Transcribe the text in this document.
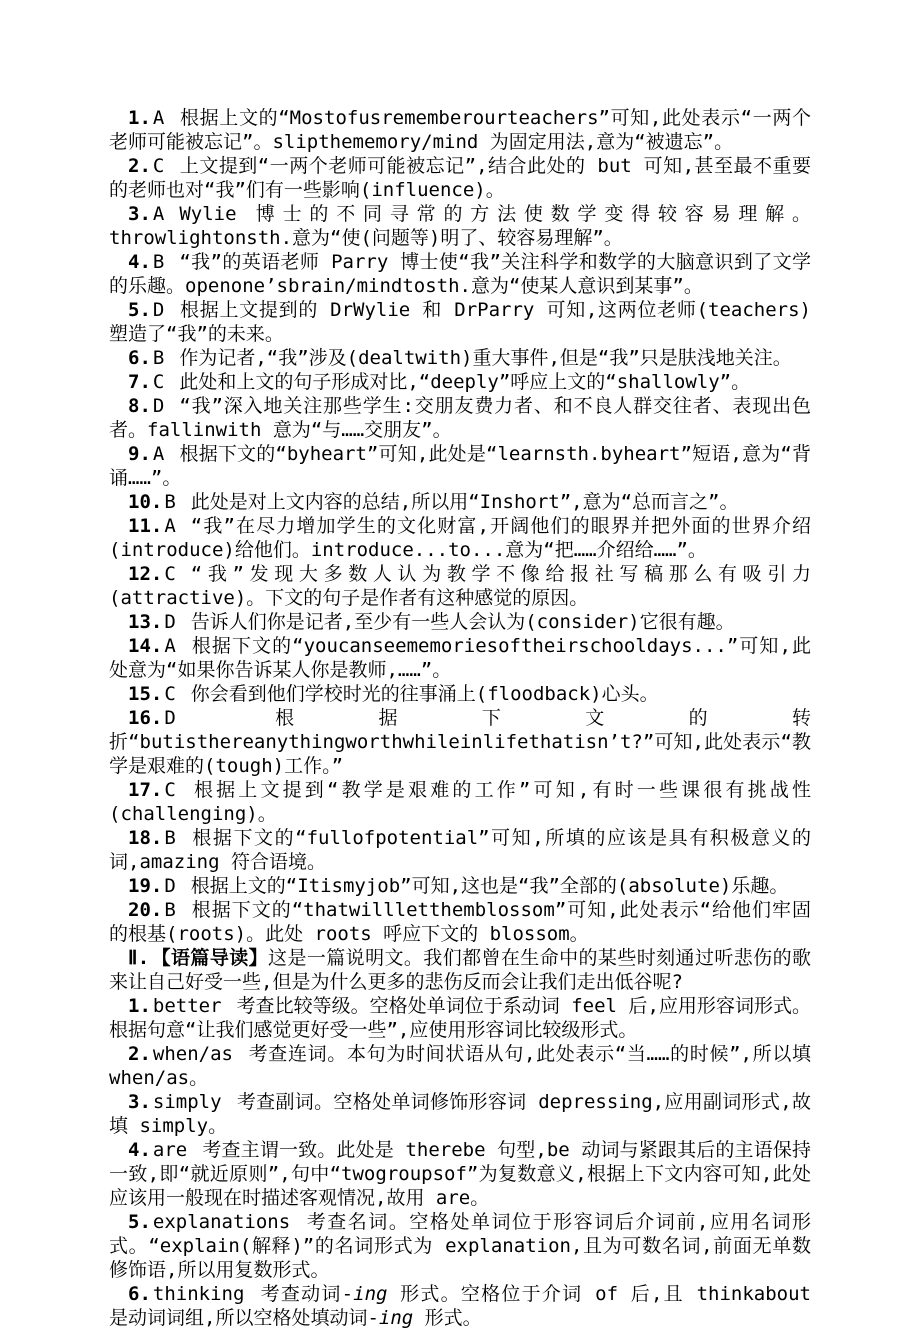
1. A 根据上文的“Mostofusrememberourteachers”可知,此处表示“一两个老师可能被忘记”。slipthememory/mind 为固定用法,意为“被遗忘”。

2. C 上文提到“一两个老师可能被忘记”,结合此处的 but 可知,甚至最不重要的老师也对“我”们有一些影响(influence)。

3. A Wylie 博士的不同寻常的方法使数学变得较容易理解。throwlightonsth.意为“使(问题等)明了、较容易理解”。

4. B “我”的英语老师 Parry 博士使“我”关注科学和数学的大脑意识到了文学的乐趣。openone’sbrain/mindtosth.意为“使某人意识到某事”。

5. D 根据上文提到的 DrWylie 和 DrParry 可知,这两位老师(teachers)塑造了“我”的未来。

6. B 作为记者,“我”涉及(dealtwith)重大事件,但是“我”只是肤浅地关注。

7. C 此处和上文的句子形成对比,“deeply”呼应上文的“shallowly”。

8. D “我”深入地关注那些学生:交朋友费力者、和不良人群交往者、表现出色者。fallinwith 意为“与……交朋友”。

9. A 根据下文的“byheart”可知,此处是“learnsth.byheart”短语,意为“背诵……”。

10. B 此处是对上文内容的总结,所以用“Inshort”,意为“总而言之”。

11. A “我”在尽力增加学生的文化财富,开阔他们的眼界并把外面的世界介绍(introduce)给他们。introduce...to...意为“把……介绍给……”。

12. C “我”发现大多数人认为教学不像给报社写稿那么有吸引力(attractive)。下文的句子是作者有这种感觉的原因。

13. D 告诉人们你是记者,至少有一些人会认为(consider)它很有趣。

14. A 根据下文的“youcanseememoriesoftheirschooldays...”可知,此处意为“如果你告诉某人你是教师,……”。

15. C 你会看到他们学校时光的往事涌上(floodback)心头。

16. D 根据下文的转折“butisthereanythingworthwhileinlifethatisn’t?”可知,此处表示“教学是艰难的(tough)工作。”

17. C 根据上文提到“教学是艰难的工作”可知,有时一些课很有挑战性(challenging)。

18. B 根据下文的“fullofpotential”可知,所填的应该是具有积极意义的词,amazing 符合语境。

19. D 根据上文的“Itismyjob”可知,这也是“我”全部的(absolute)乐趣。

20. B 根据下文的“thatwillletthemblossom”可知,此处表示“给他们牢固的根基(roots)。此处 roots 呼应下文的 blossom。

Ⅱ. 【语篇导读】这是一篇说明文。我们都曾在生命中的某些时刻通过听悲伤的歌来让自己好受一些,但是为什么更多的悲伤反而会让我们走出低谷呢?

1. better 考查比较等级。空格处单词位于系动词 feel 后,应用形容词形式。根据句意“让我们感觉更好受一些”,应使用形容词比较级形式。

2. when/as 考查连词。本句为时间状语从句,此处表示“当……的时候”,所以填 when/as。

3. simply 考查副词。空格处单词修饰形容词 depressing,应用副词形式,故填 simply。

4. are 考查主谓一致。此处是 therebe 句型,be 动词与紧跟其后的主语保持一致,即“就近原则”,句中“twogroupsof”为复数意义,根据上下文内容可知,此处应该用一般现在时描述客观情况,故用 are。

5. explanations 考查名词。空格处单词位于形容词后介词前,应用名词形式。“explain(解释)”的名词形式为 explanation,且为可数名词,前面无单数修饰语,所以用复数形式。

6. thinking 考查动词-ing 形式。空格位于介词 of 后,且 thinkabout 是动词词组,所以空格处填动词-ing 形式。
